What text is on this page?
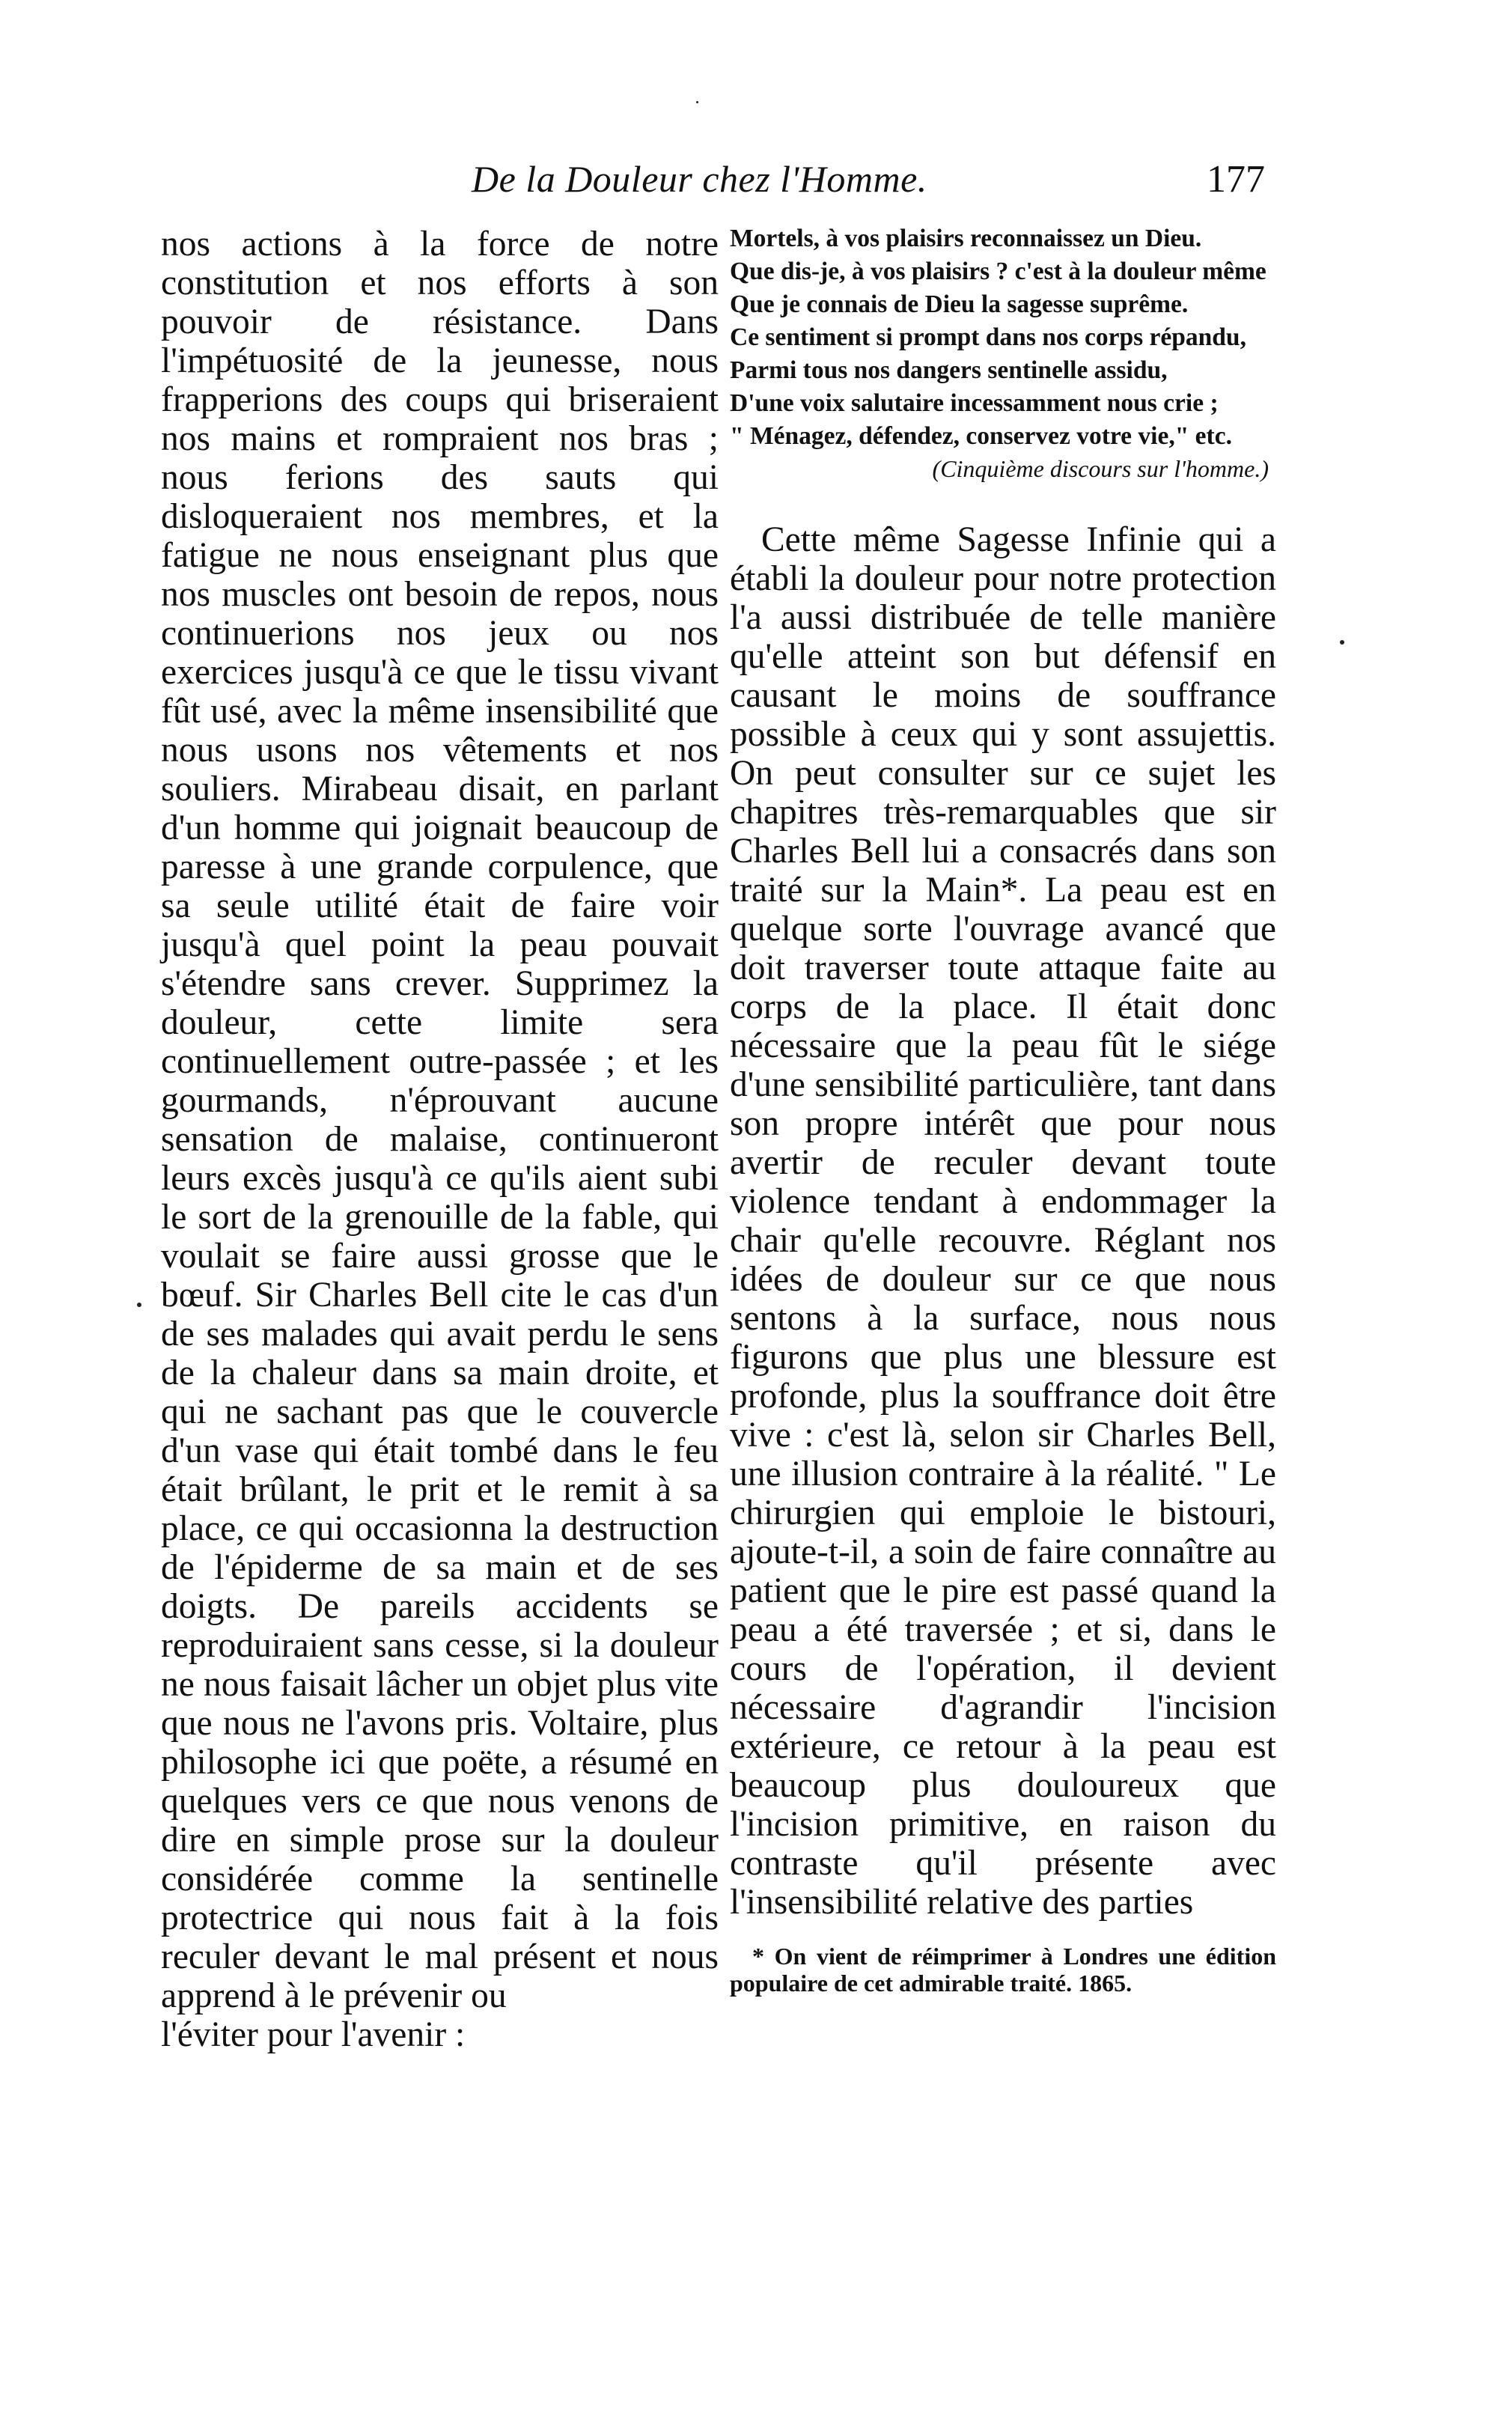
De la Douleur chez l'Homme.	177

nos actions à la force de notre constitution et nos efforts à son pouvoir de résistance. Dans l'impétuosité de la jeunesse, nous frapperions des coups qui briseraient nos mains et rompraient nos bras ; nous ferions des sauts qui disloqueraient nos membres, et la fatigue ne nous enseignant plus que nos muscles ont besoin de repos, nous continuerions nos jeux ou nos exercices jusqu'à ce que le tissu vivant fût usé, avec la même insensibilité que nous usons nos vêtements et nos souliers. Mirabeau disait, en parlant d'un homme qui joignait beaucoup de paresse à une grande corpulence, que sa seule utilité était de faire voir jusqu'à quel point la peau pouvait s'étendre sans crever. Supprimez la douleur, cette limite sera continuellement outre-passée ; et les gourmands, n'éprouvant aucune sensation de malaise, continueront leurs excès jusqu'à ce qu'ils aient subi le sort de la grenouille de la fable, qui voulait se faire aussi grosse que le bœuf. Sir Charles Bell cite le cas d'un de ses malades qui avait perdu le sens de la chaleur dans sa main droite, et qui ne sachant pas que le couvercle d'un vase qui était tombé dans le feu était brûlant, le prit et le remit à sa place, ce qui occasionna la destruction de l'épiderme de sa main et de ses doigts. De pareils accidents se reproduiraient sans cesse, si la douleur ne nous faisait lâcher un objet plus vite que nous ne l'avons pris. Voltaire, plus philosophe ici que poëte, a résumé en quelques vers ce que nous venons de dire en simple prose sur la douleur considérée comme la sentinelle protectrice qui nous fait à la fois reculer devant le mal présent et nous apprend à le prévenir ou

l'éviter pour l'avenir :

Mortels, à vos plaisirs reconnaissez un Dieu.
Que dis-je, à vos plaisirs ? c'est à la douleur même
Que je connais de Dieu la sagesse suprême.
Ce sentiment si prompt dans nos corps répandu,
Parmi tous nos dangers sentinelle assidu,
D'une voix salutaire incessamment nous crie ;
" Ménagez, défendez, conservez votre vie," etc.
(Cinquième discours sur l'homme.)

Cette même Sagesse Infinie qui a établi la douleur pour notre protection l'a aussi distribuée de telle manière qu'elle atteint son but défensif en causant le moins de souffrance possible à ceux qui y sont assujettis. On peut consulter sur ce sujet les chapitres très-remarquables que sir Charles Bell lui a consacrés dans son traité sur la Main*. La peau est en quelque sorte l'ouvrage avancé que doit traverser toute attaque faite au corps de la place. Il était donc nécessaire que la peau fût le siége d'une sensibilité particulière, tant dans son propre intérêt que pour nous avertir de reculer devant toute violence tendant à endommager la chair qu'elle recouvre. Réglant nos idées de douleur sur ce que nous sentons à la surface, nous nous figurons que plus une blessure est profonde, plus la souffrance doit être vive : c'est là, selon sir Charles Bell, une illusion contraire à la réalité. " Le chirurgien qui emploie le bistouri, ajoute-t-il, a soin de faire connaître au patient que le pire est passé quand la peau a été traversée ; et si, dans le cours de l'opération, il devient nécessaire d'agrandir l'incision extérieure, ce retour à la peau est beaucoup plus douloureux que l'incision primitive, en raison du contraste qu'il présente avec l'insensibilité relative des parties

* On vient de réimprimer à Londres une édition populaire de cet admirable traité. 1865.
